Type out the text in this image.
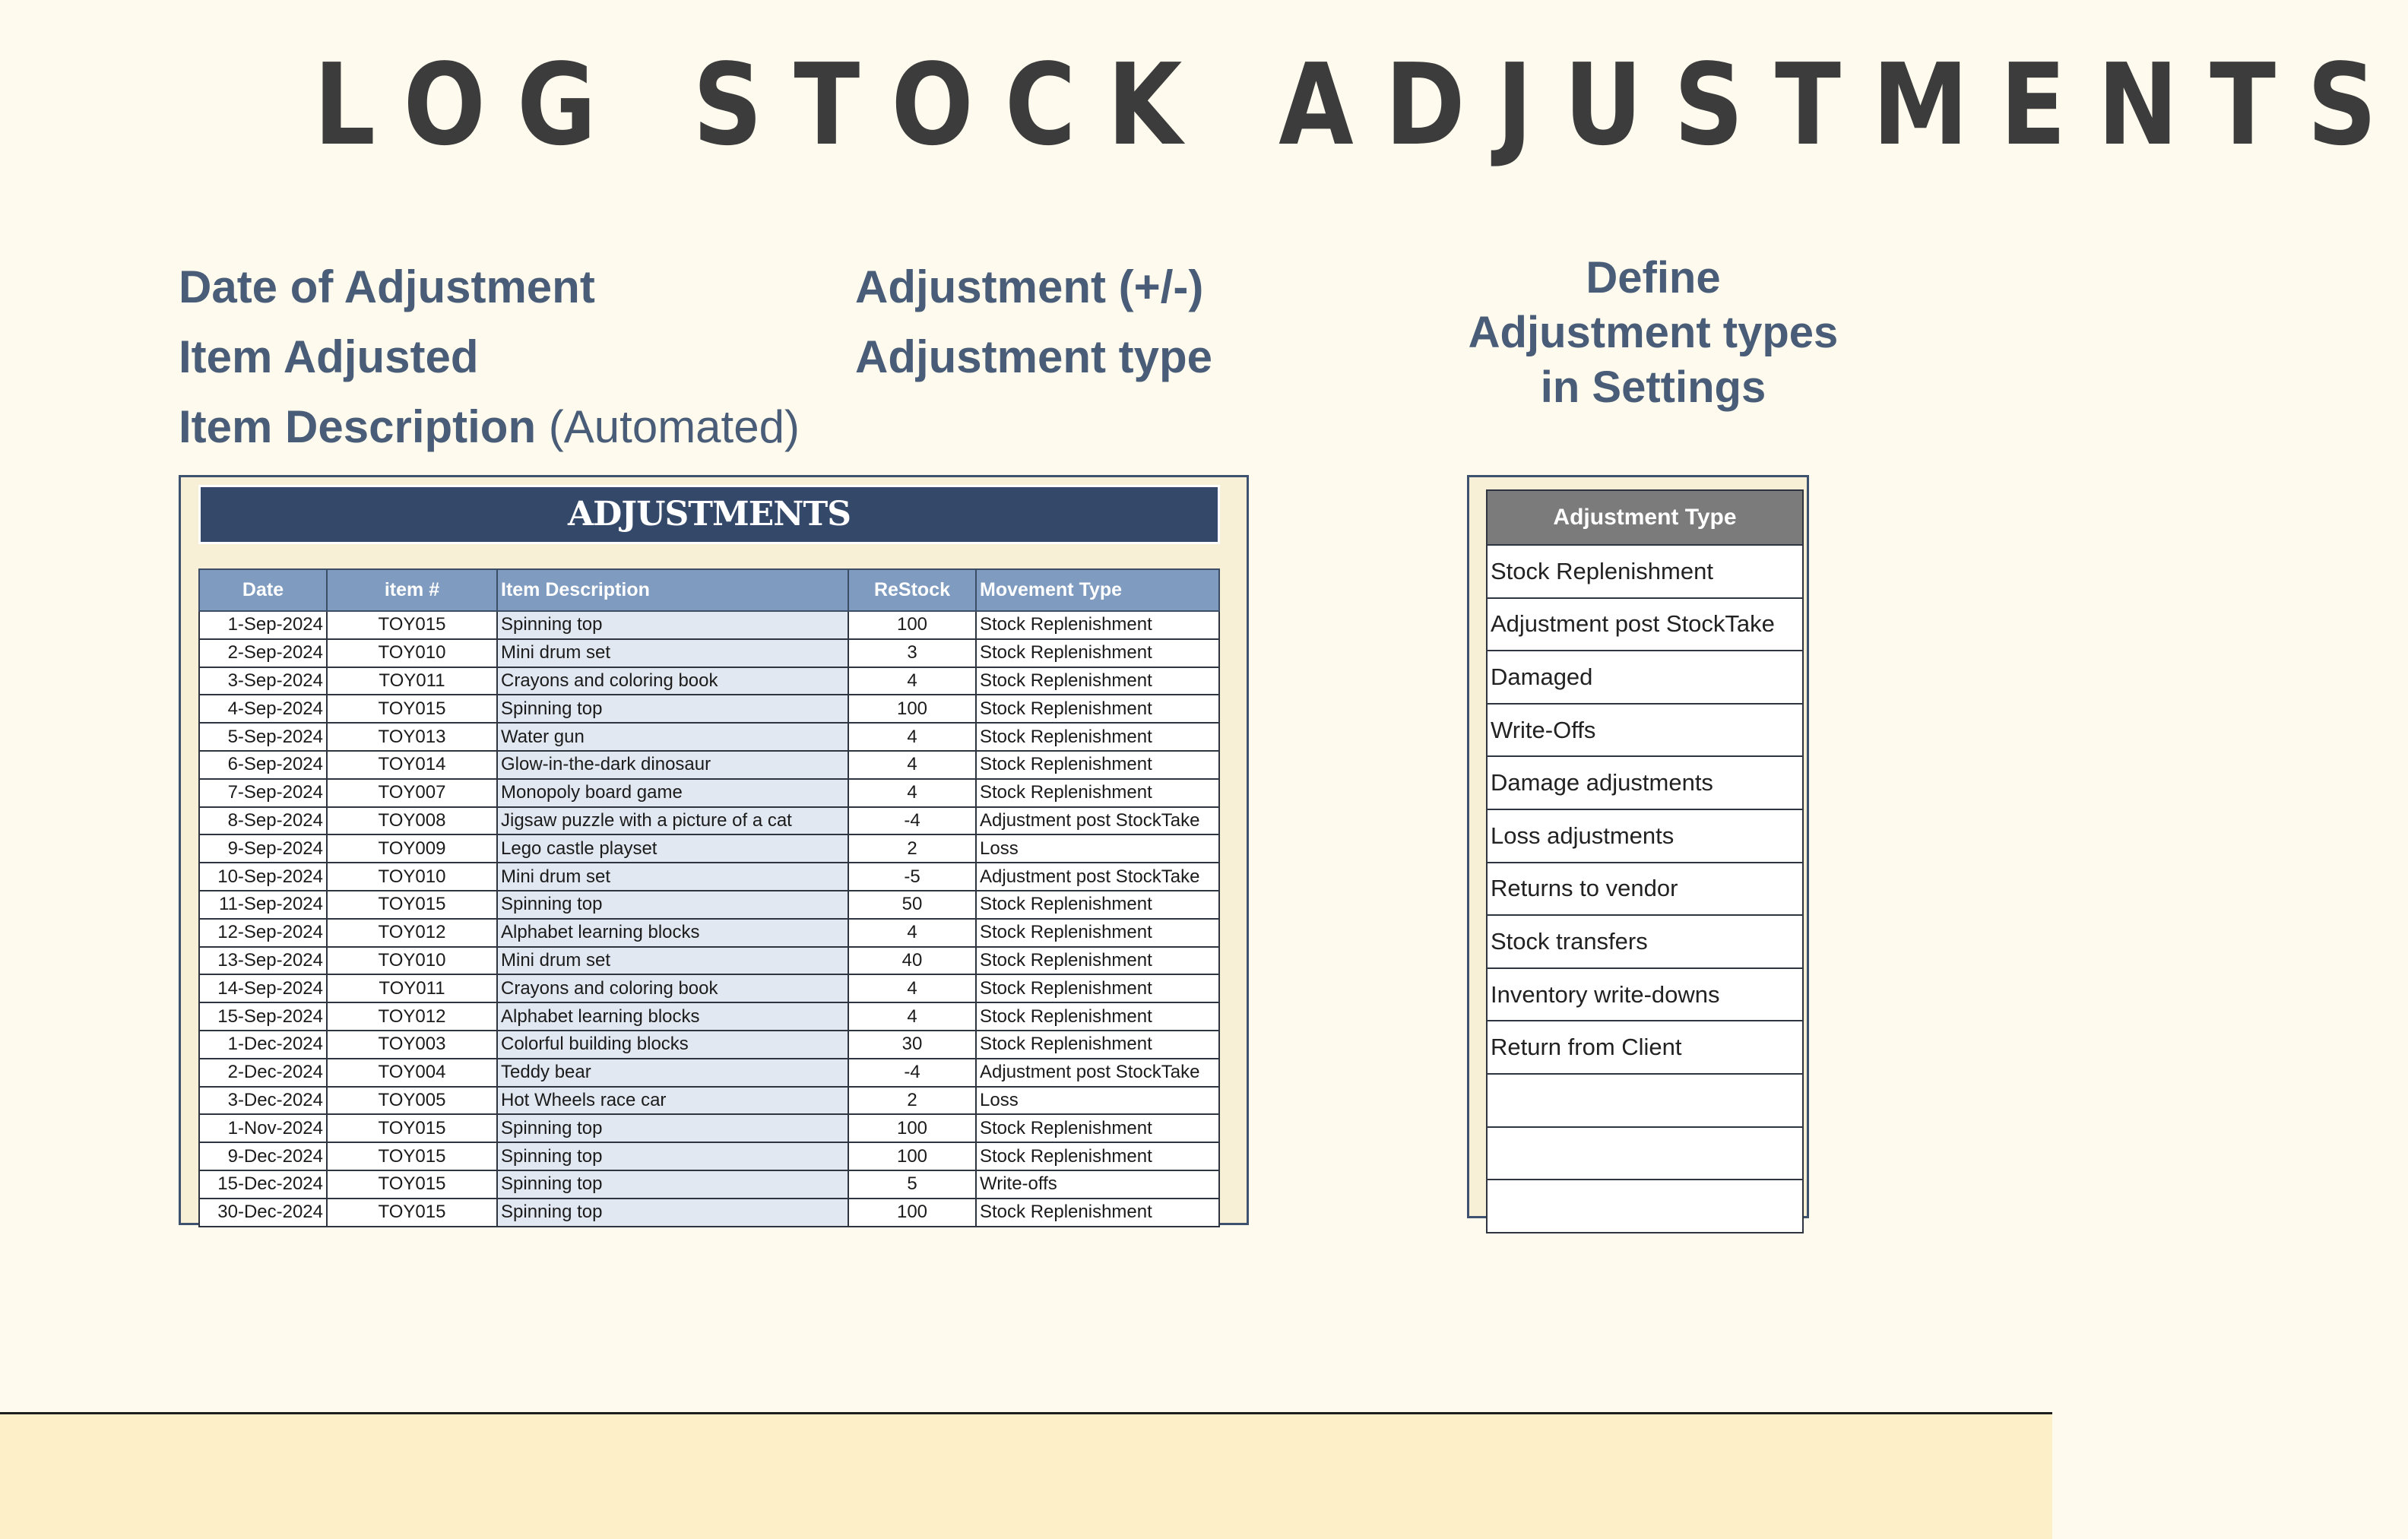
LOG STOCK ADJUSTMENTS
Date of Adjustment
Item Adjusted
Item Description (Automated)
Adjustment (+/-)
Adjustment type
Define
Adjustment types
in Settings
ADJUSTMENTS
Date	item #	Item Description	ReStock	Movement Type
1-Sep-2024	TOY015	Spinning top	100	Stock Replenishment
2-Sep-2024	TOY010	Mini drum set	3	Stock Replenishment
3-Sep-2024	TOY011	Crayons and coloring book	4	Stock Replenishment
4-Sep-2024	TOY015	Spinning top	100	Stock Replenishment
5-Sep-2024	TOY013	Water gun	4	Stock Replenishment
6-Sep-2024	TOY014	Glow-in-the-dark dinosaur	4	Stock Replenishment
7-Sep-2024	TOY007	Monopoly board game	4	Stock Replenishment
8-Sep-2024	TOY008	Jigsaw puzzle with a picture of a cat	-4	Adjustment post StockTake
9-Sep-2024	TOY009	Lego castle playset	2	Loss
10-Sep-2024	TOY010	Mini drum set	-5	Adjustment post StockTake
11-Sep-2024	TOY015	Spinning top	50	Stock Replenishment
12-Sep-2024	TOY012	Alphabet learning blocks	4	Stock Replenishment
13-Sep-2024	TOY010	Mini drum set	40	Stock Replenishment
14-Sep-2024	TOY011	Crayons and coloring book	4	Stock Replenishment
15-Sep-2024	TOY012	Alphabet learning blocks	4	Stock Replenishment
1-Dec-2024	TOY003	Colorful building blocks	30	Stock Replenishment
2-Dec-2024	TOY004	Teddy bear	-4	Adjustment post StockTake
3-Dec-2024	TOY005	Hot Wheels race car	2	Loss
1-Nov-2024	TOY015	Spinning top	100	Stock Replenishment
9-Dec-2024	TOY015	Spinning top	100	Stock Replenishment
15-Dec-2024	TOY015	Spinning top	5	Write-offs
30-Dec-2024	TOY015	Spinning top	100	Stock Replenishment
Adjustment Type
Stock Replenishment
Adjustment post StockTake
Damaged
Write-Offs
Damage adjustments
Loss adjustments
Returns to vendor
Stock transfers
Inventory write-downs
Return from Client
